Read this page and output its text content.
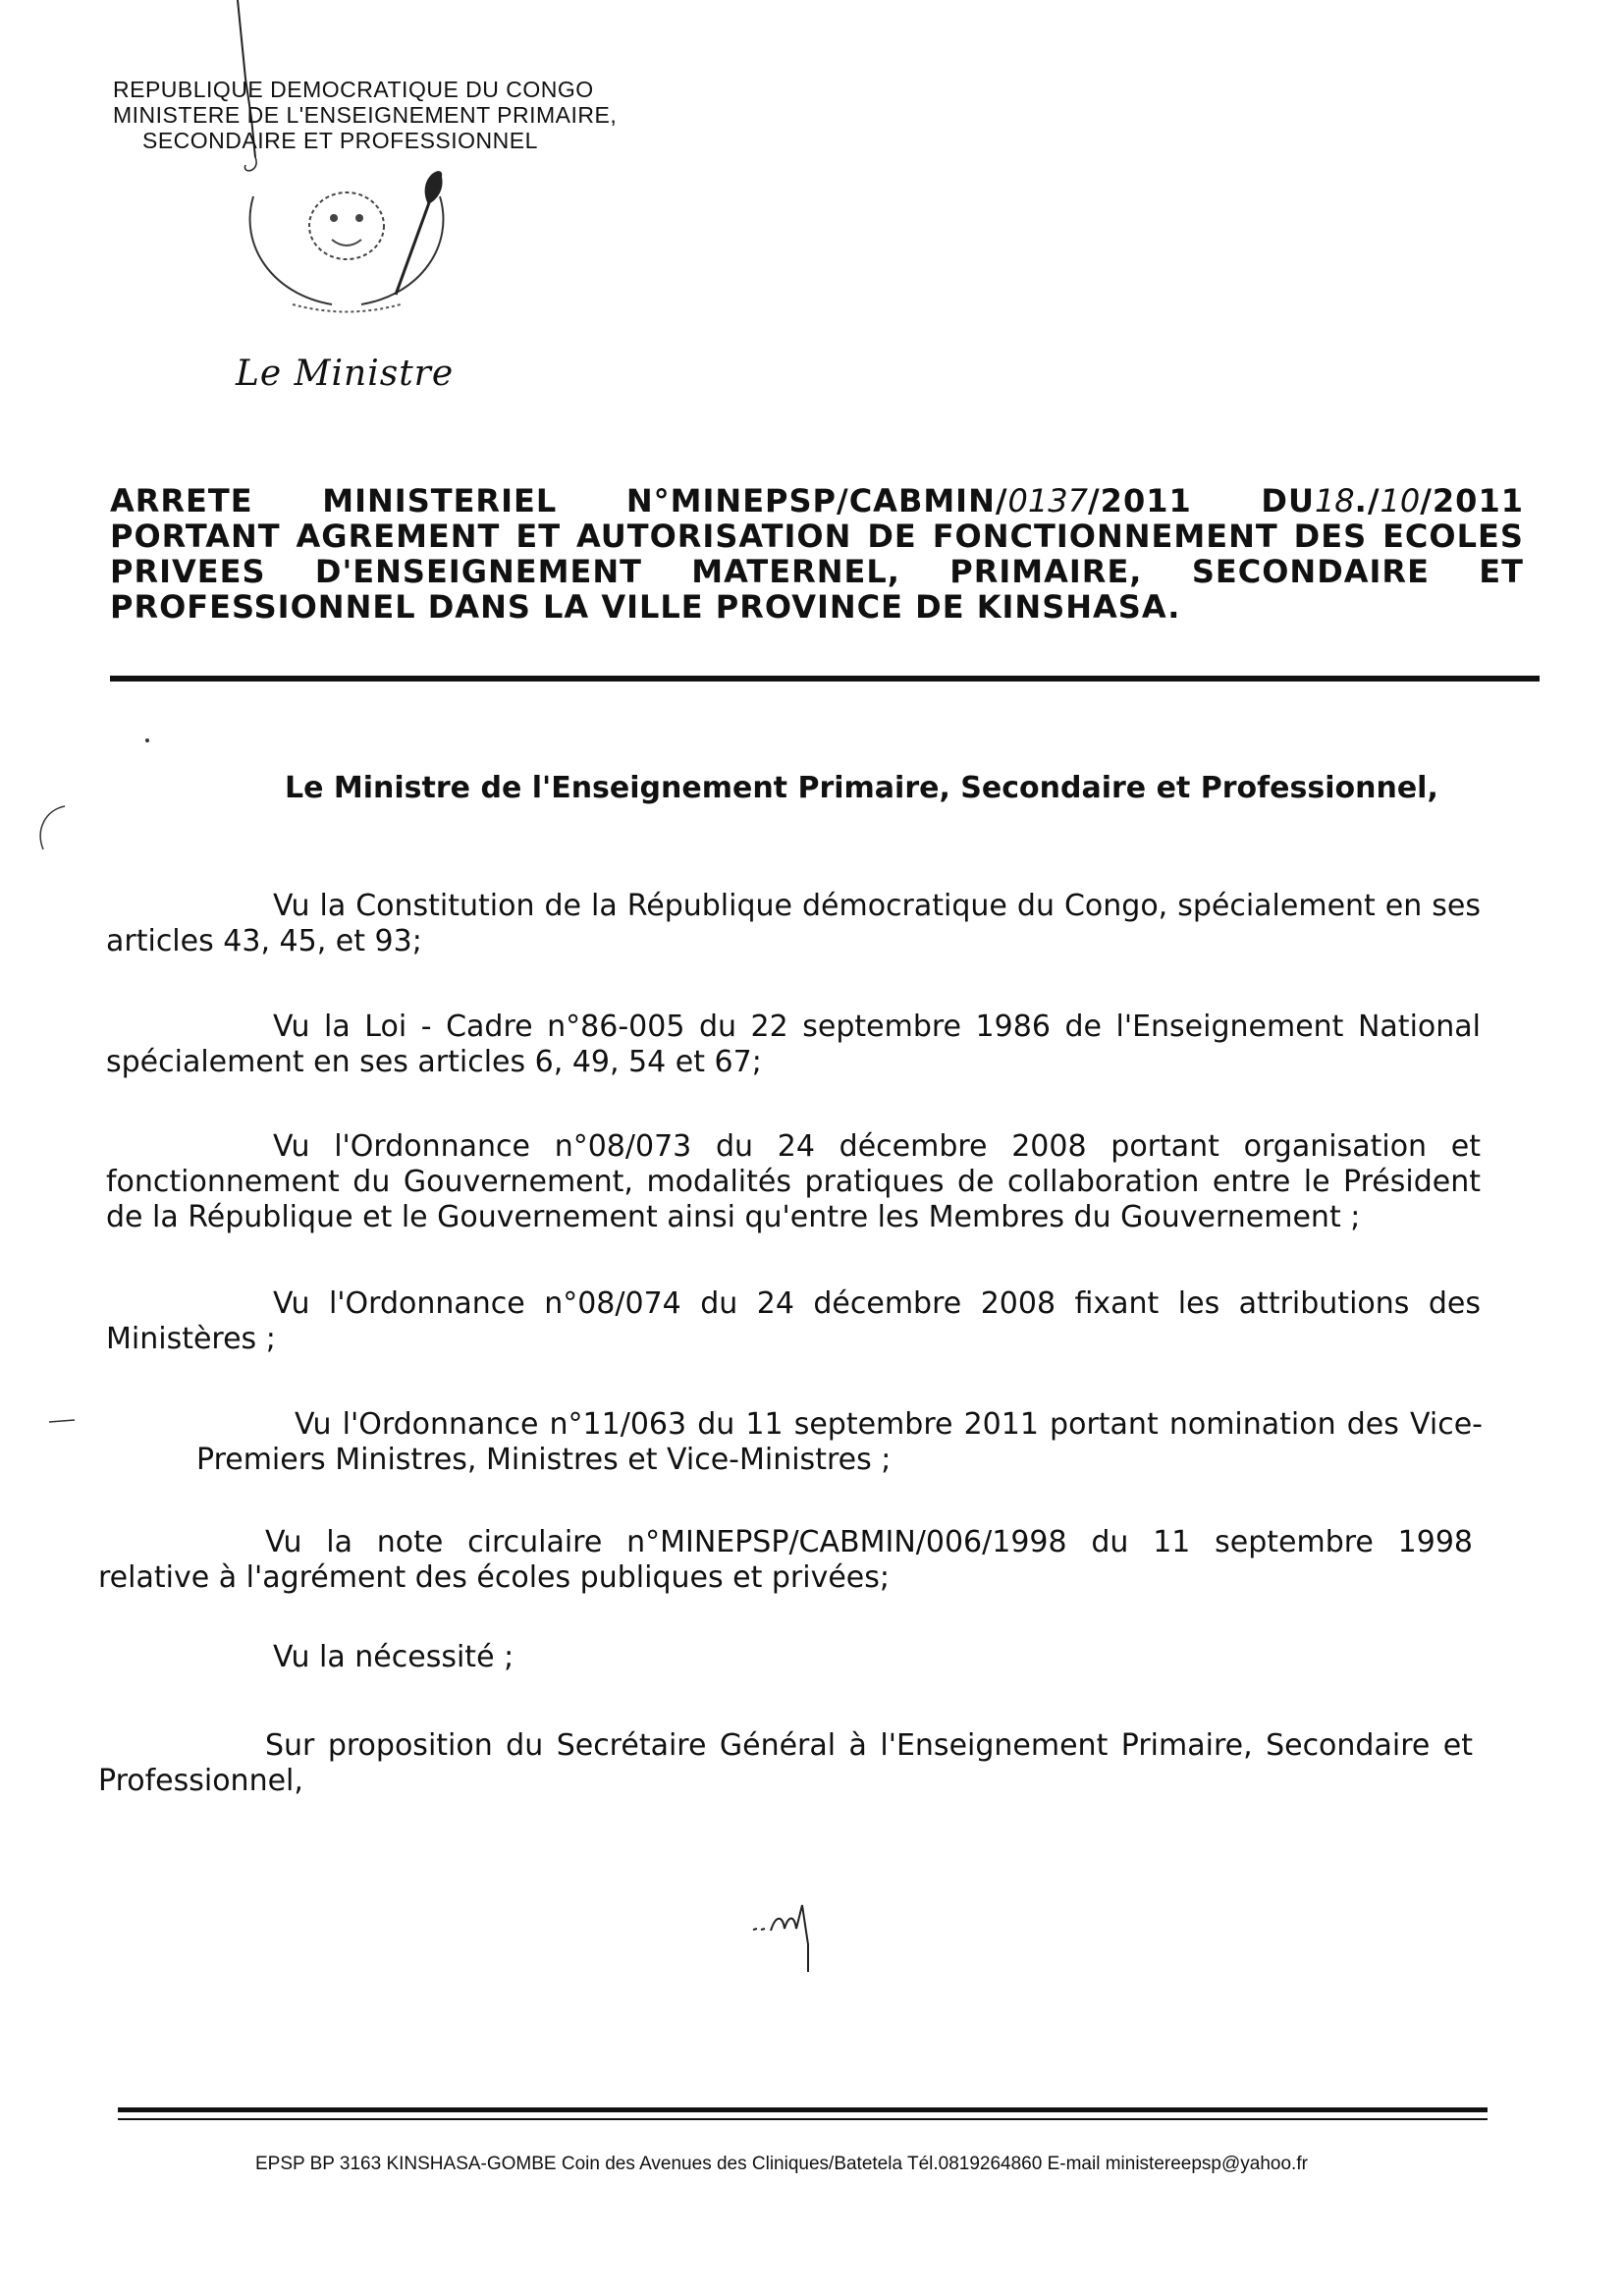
REPUBLIQUE DEMOCRATIQUE DU CONGO
MINISTERE DE L'ENSEIGNEMENT PRIMAIRE,
SECONDAIRE ET PROFESSIONNEL
Le Ministre
ARRETE MINISTERIEL N°MINEPSP/CABMIN/0137/2011 DU18./10/2011
PORTANT AGREMENT ET AUTORISATION DE FONCTIONNEMENT DES ECOLES
PRIVEES D'ENSEIGNEMENT MATERNEL, PRIMAIRE, SECONDAIRE ET
PROFESSIONNEL DANS LA VILLE PROVINCE DE KINSHASA.
Le Ministre de l'Enseignement Primaire, Secondaire et Professionnel,
Vu la Constitution de la République démocratique du Congo, spécialement en ses articles 43, 45, et 93;
Vu la Loi - Cadre n°86-005 du 22 septembre 1986 de l'Enseignement National spécialement en ses articles 6, 49, 54 et 67;
Vu l'Ordonnance n°08/073 du 24 décembre 2008 portant organisation et fonctionnement du Gouvernement, modalités pratiques de collaboration entre le Président de la République et le Gouvernement ainsi qu'entre les Membres du Gouvernement ;
Vu l'Ordonnance n°08/074 du 24 décembre 2008 fixant les attributions des Ministères ;
Vu l'Ordonnance n°11/063 du 11 septembre 2011 portant nomination des Vice-Premiers Ministres, Ministres et Vice-Ministres ;
Vu la note circulaire n°MINEPSP/CABMIN/006/1998 du 11 septembre 1998 relative à l'agrément des écoles publiques et privées;
Vu la nécessité ;
Sur proposition du Secrétaire Général à l'Enseignement Primaire, Secondaire et Professionnel,
EPSP BP 3163 KINSHASA-GOMBE Coin des Avenues des Cliniques/Batetela Tél.0819264860 E-mail ministereepsp@yahoo.fr
